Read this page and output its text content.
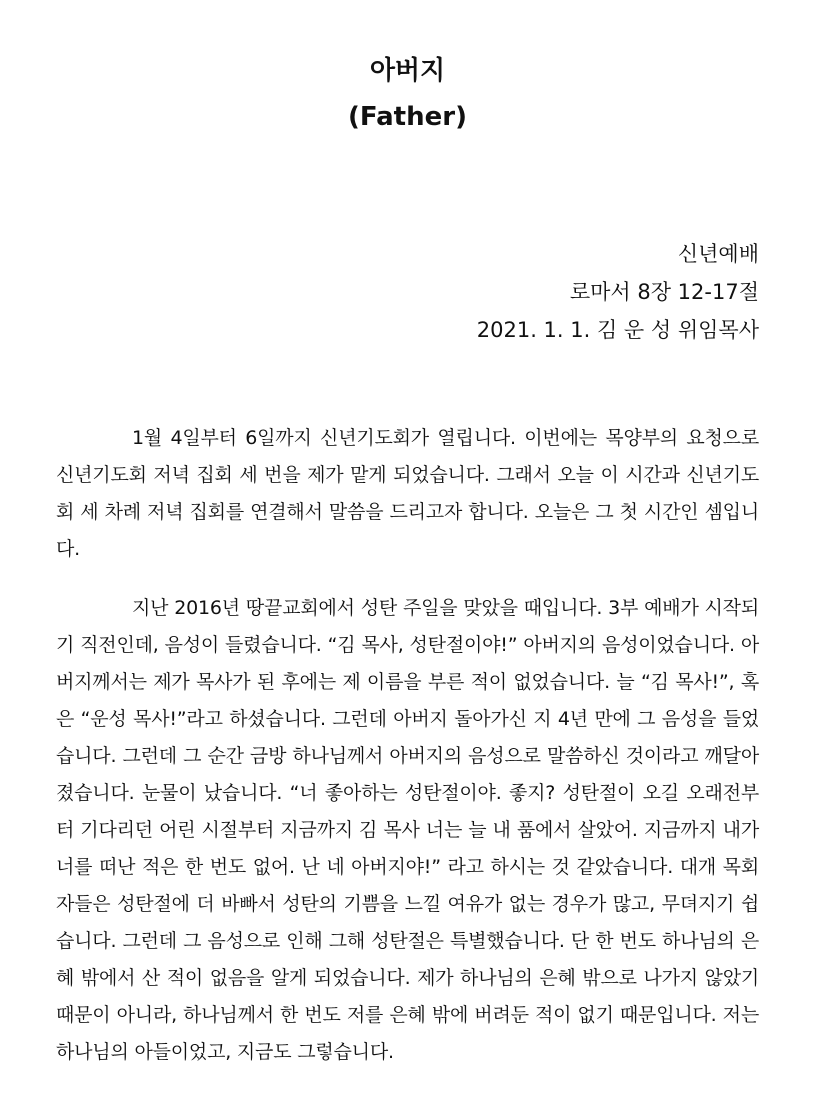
아버지
(Father)

신년예배

로마서 8장 12-17절

2021. 1. 1. 김 운 성 위임목사

1월 4일부터 6일까지 신년기도회가 열립니다. 이번에는 목양부의 요청으로 신년기도회 저녁 집회 세 번을 제가 맡게 되었습니다. 그래서 오늘 이 시간과 신년기도회 세 차례 저녁 집회를 연결해서 말씀을 드리고자 합니다. 오늘은 그 첫 시간인 셈입니다.

지난 2016년 땅끝교회에서 성탄 주일을 맞았을 때입니다. 3부 예배가 시작되기 직전인데, 음성이 들렸습니다. “김 목사, 성탄절이야!” 아버지의 음성이었습니다. 아버지께서는 제가 목사가 된 후에는 제 이름을 부른 적이 없었습니다. 늘 “김 목사!”, 혹은 “운성 목사!”라고 하셨습니다. 그런데 아버지 돌아가신 지 4년 만에 그 음성을 들었습니다. 그런데 그 순간 금방 하나님께서 아버지의 음성으로 말씀하신 것이라고 깨달아졌습니다. 눈물이 났습니다. “너 좋아하는 성탄절이야. 좋지? 성탄절이 오길 오래전부터 기다리던 어린 시절부터 지금까지 김 목사 너는 늘 내 품에서 살았어. 지금까지 내가 너를 떠난 적은 한 번도 없어. 난 네 아버지야!” 라고 하시는 것 같았습니다. 대개 목회자들은 성탄절에 더 바빠서 성탄의 기쁨을 느낄 여유가 없는 경우가 많고, 무뎌지기 쉽습니다. 그런데 그 음성으로 인해 그해 성탄절은 특별했습니다. 단 한 번도 하나님의 은혜 밖에서 산 적이 없음을 알게 되었습니다. 제가 하나님의 은혜 밖으로 나가지 않았기 때문이 아니라, 하나님께서 한 번도 저를 은혜 밖에 버려둔 적이 없기 때문입니다. 저는 하나님의 아들이었고, 지금도 그렇습니다.
